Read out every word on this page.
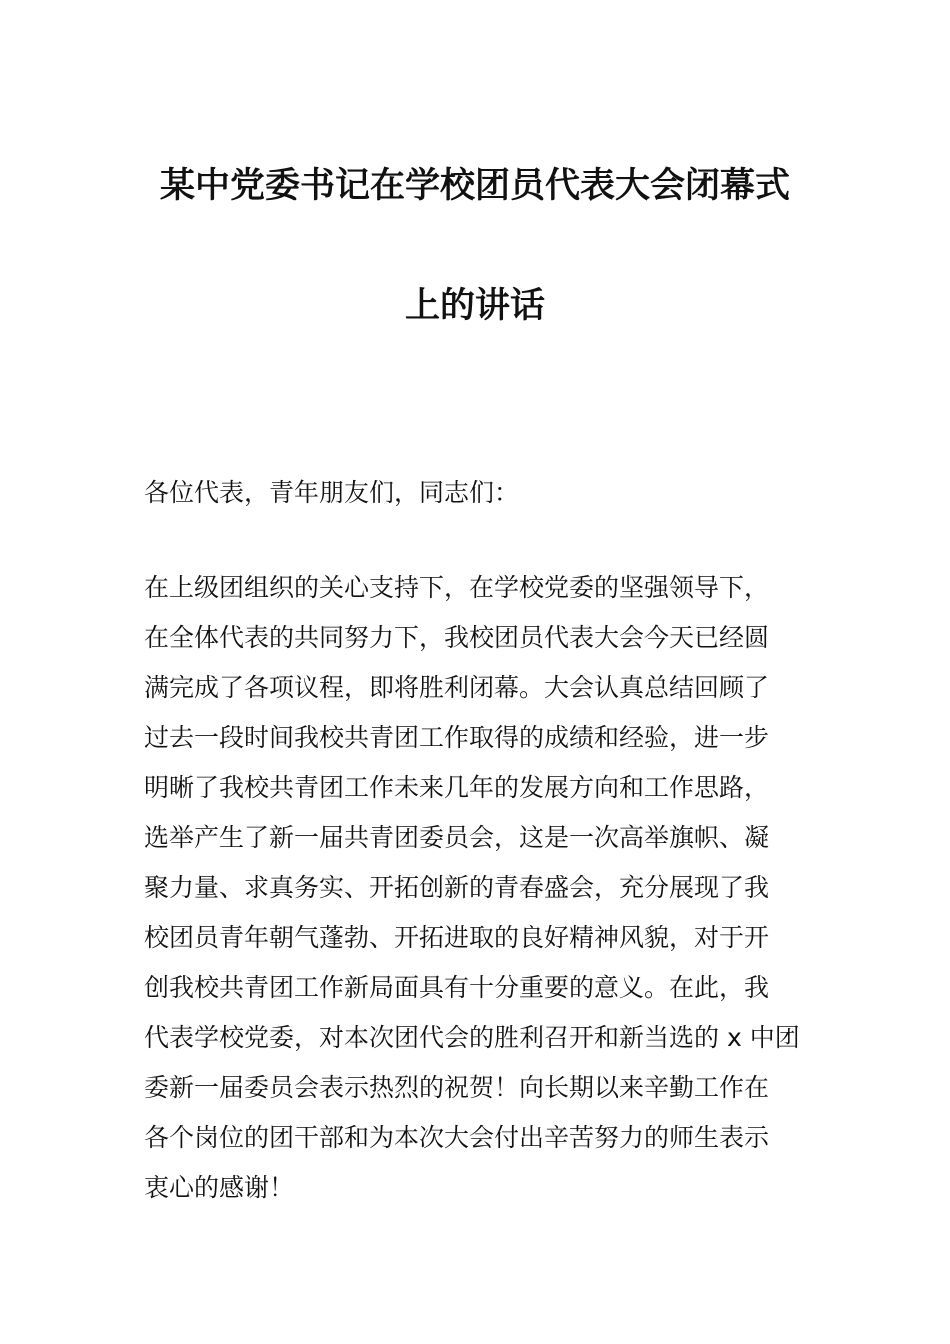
某中党委书记在学校团员代表大会闭幕式
上的讲话
各位代表，青年朋友们，同志们：
在上级团组织的关心支持下，在学校党委的坚强领导下，
在全体代表的共同努力下，我校团员代表大会今天已经圆
满完成了各项议程，即将胜利闭幕。大会认真总结回顾了
过去一段时间我校共青团工作取得的成绩和经验，进一步
明晰了我校共青团工作未来几年的发展方向和工作思路，
选举产生了新一届共青团委员会，这是一次高举旗帜、凝
聚力量、求真务实、开拓创新的青春盛会，充分展现了我
校团员青年朝气蓬勃、开拓进取的良好精神风貌，对于开
创我校共青团工作新局面具有十分重要的意义。在此，我
代表学校党委，对本次团代会的胜利召开和新当选的 x 中团
委新一届委员会表示热烈的祝贺！向长期以来辛勤工作在
各个岗位的团干部和为本次大会付出辛苦努力的师生表示
衷心的感谢！
